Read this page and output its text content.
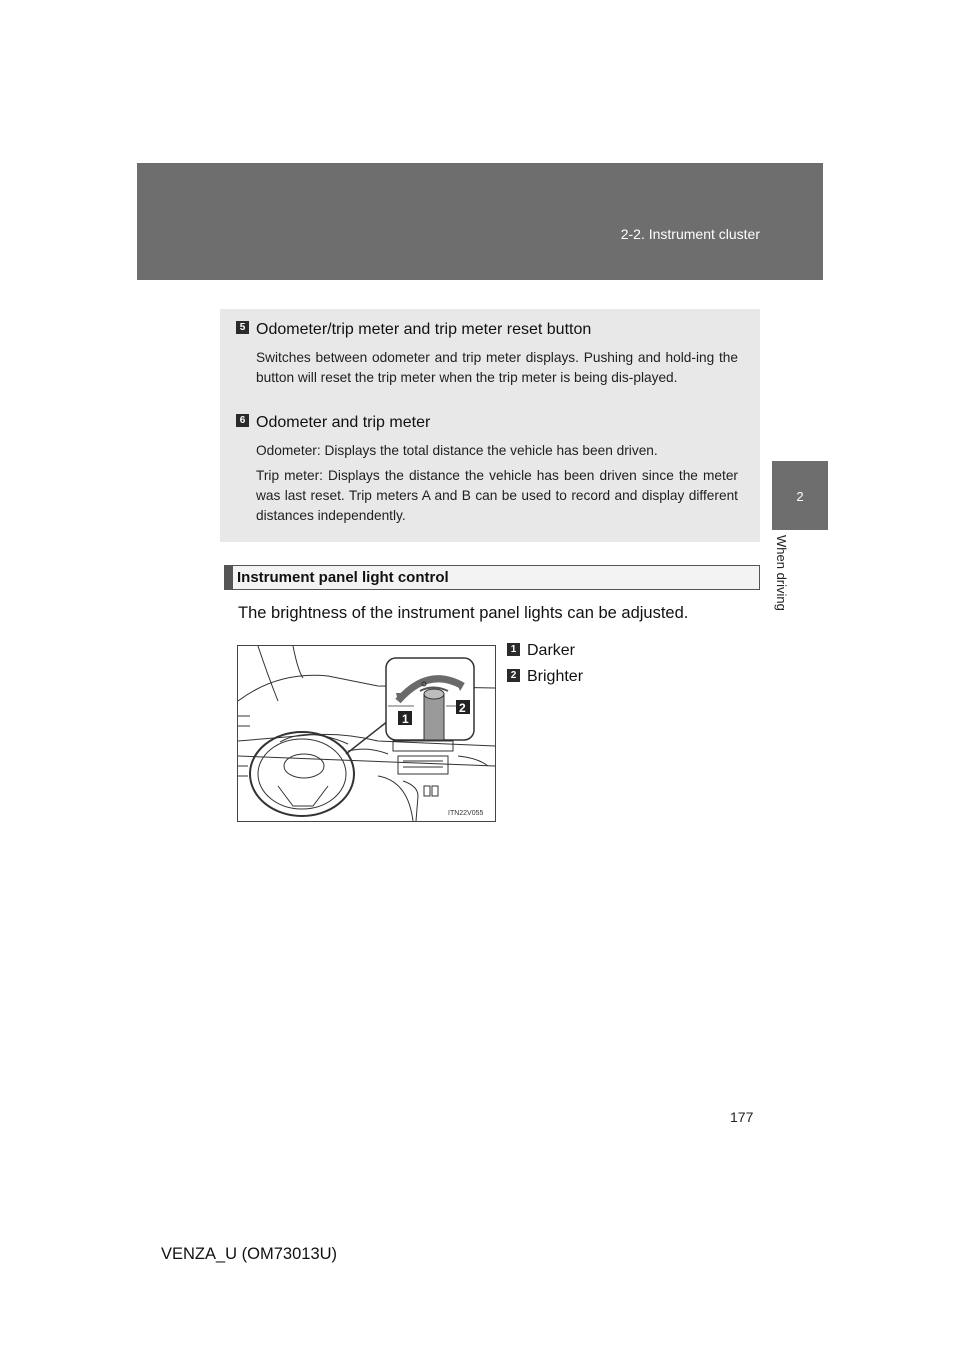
2-2. Instrument cluster
2
When driving
5 Odometer/trip meter and trip meter reset button
Switches between odometer and trip meter displays. Pushing and hold-ing the button will reset the trip meter when the trip meter is being dis-played.
6 Odometer and trip meter
Odometer: Displays the total distance the vehicle has been driven.
Trip meter: Displays the distance the vehicle has been driven since the meter was last reset. Trip meters A and B can be used to record and display different distances independently.
Instrument panel light control
The brightness of the instrument panel lights can be adjusted.
1 Darker
2 Brighter
1
2
ITN22V055
177
VENZA_U (OM73013U)
